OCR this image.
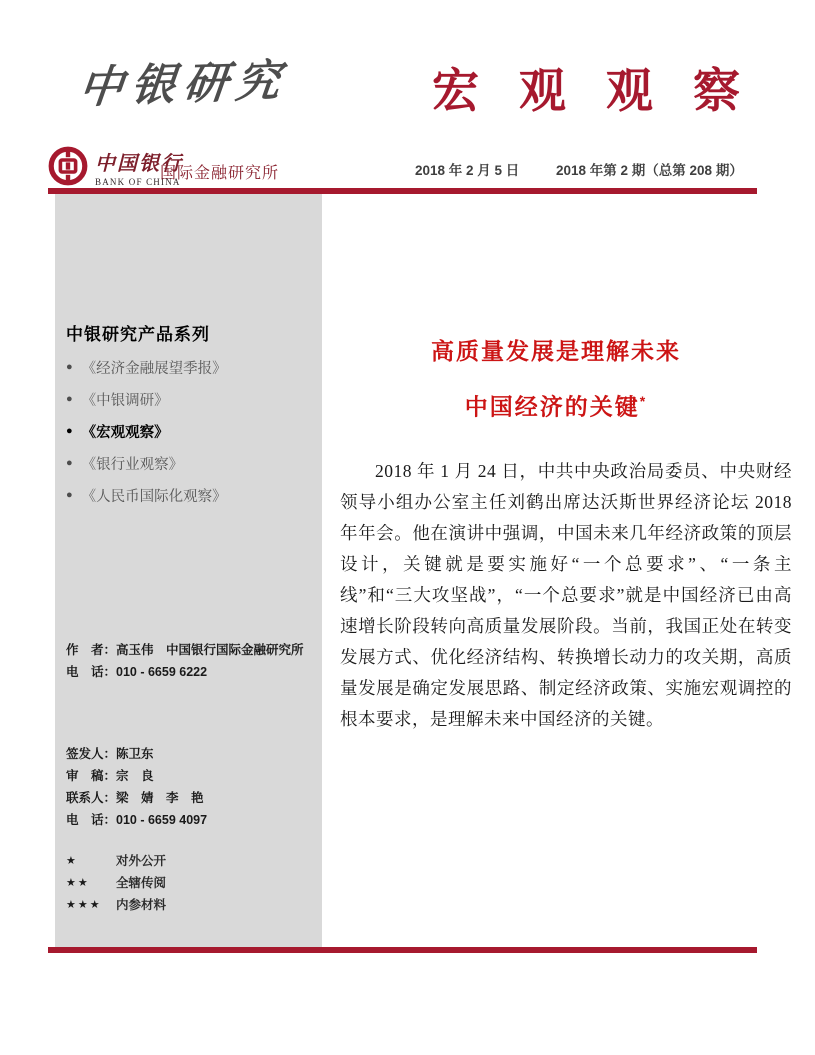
中银研究	宏观观察
中国银行
BANK OF CHINA
国际金融研究所	2018 年 2 月 5 日	2018 年第 2 期（总第 208 期）
中银研究产品系列
● 《经济金融展望季报》
● 《中银调研》
● 《宏观观察》
● 《银行业观察》
● 《人民币国际化观察》
作　者：高玉伟　中国银行国际金融研究所
电　话：010 - 6659 6222
签发人：陈卫东
审　稿：宗　良
联系人：梁　婧　李　艳
电　话：010 - 6659 4097
★	对外公开
★★	全辖传阅
★★★	内参材料
高质量发展是理解未来
中国经济的关键*
2018 年 1 月 24 日，中共中央政治局委员、中央财经领导小组办公室主任刘鹤出席达沃斯世界经济论坛 2018 年年会。他在演讲中强调，中国未来几年经济政策的顶层设计，关键就是要实施好“一个总要求”、“一条主线”和“三大攻坚战”，“一个总要求”就是中国经济已由高速增长阶段转向高质量发展阶段。当前，我国正处在转变发展方式、优化经济结构、转换增长动力的攻关期，高质量发展是确定发展思路、制定经济政策、实施宏观调控的根本要求，是理解未来中国经济的关键。
